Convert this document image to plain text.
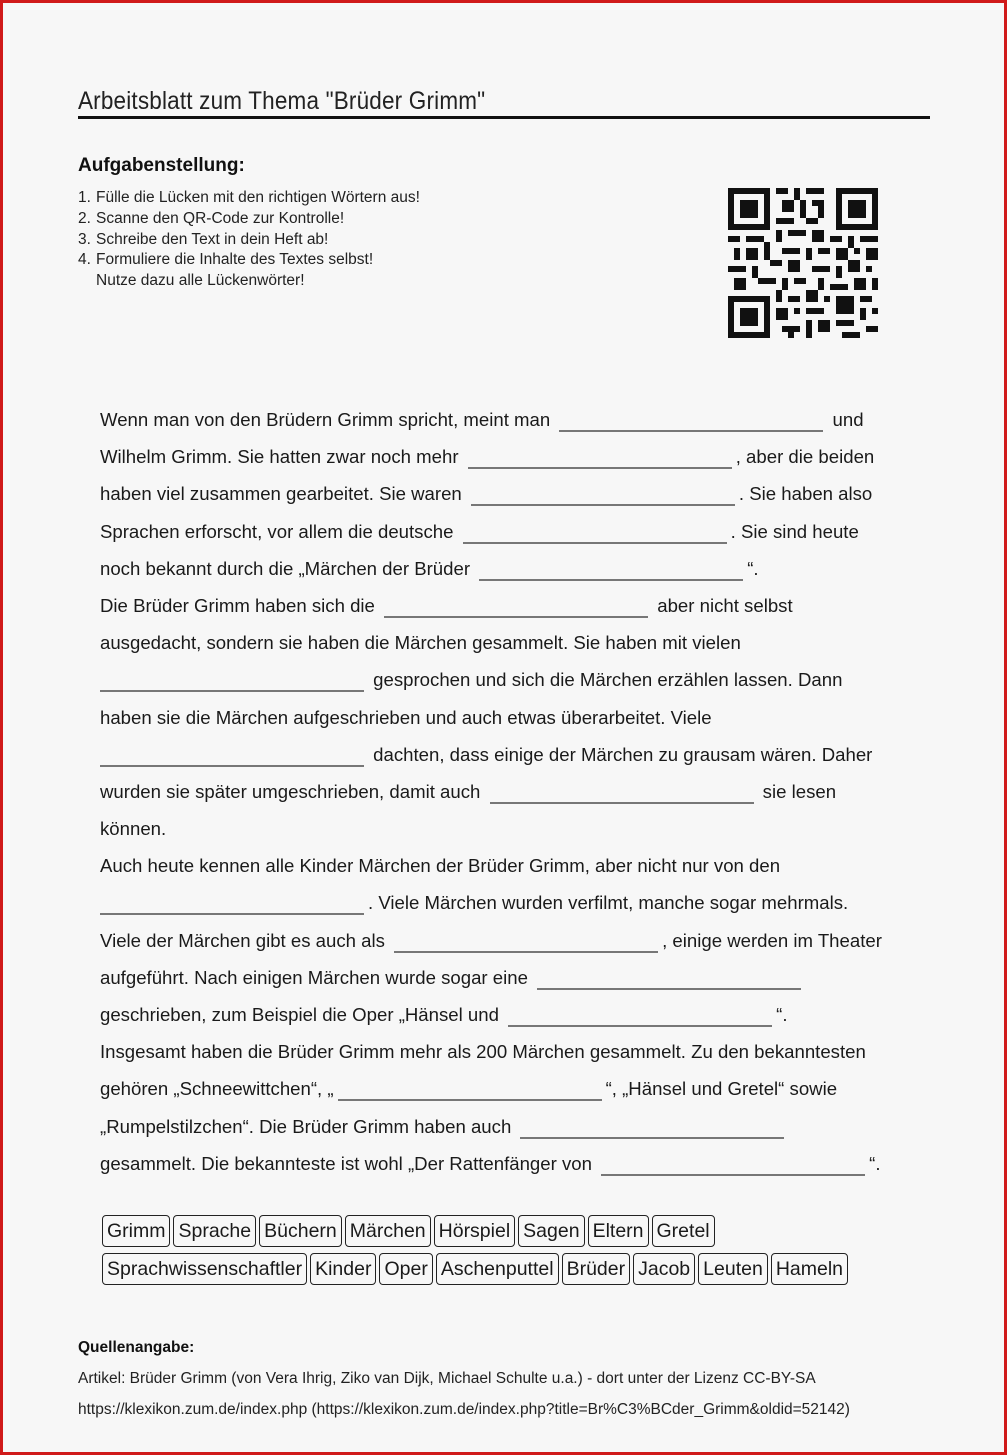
Arbeitsblatt zum Thema "Brüder Grimm"
Aufgabenstellung:
1. Fülle die Lücken mit den richtigen Wörtern aus!
2. Scanne den QR-Code zur Kontrolle!
3. Schreibe den Text in dein Heft ab!
4. Formuliere die Inhalte des Textes selbst!
Nutze dazu alle Lückenwörter!
Wenn man von den Brüdern Grimm spricht, meint man	und
Wilhelm Grimm. Sie hatten zwar noch mehr	, aber die beiden
haben viel zusammen gearbeitet. Sie waren	. Sie haben also
Sprachen erforscht, vor allem die deutsche	. Sie sind heute
noch bekannt durch die „Märchen der Brüder	“.
Die Brüder Grimm haben sich die	aber nicht selbst
ausgedacht, sondern sie haben die Märchen gesammelt. Sie haben mit vielen
gesprochen und sich die Märchen erzählen lassen. Dann
haben sie die Märchen aufgeschrieben und auch etwas überarbeitet. Viele
dachten, dass einige der Märchen zu grausam wären. Daher
wurden sie später umgeschrieben, damit auch	sie lesen
können.
Auch heute kennen alle Kinder Märchen der Brüder Grimm, aber nicht nur von den
. Viele Märchen wurden verfilmt, manche sogar mehrmals.
Viele der Märchen gibt es auch als	, einige werden im Theater
aufgeführt. Nach einigen Märchen wurde sogar eine
geschrieben, zum Beispiel die Oper „Hänsel und	“.
Insgesamt haben die Brüder Grimm mehr als 200 Märchen gesammelt. Zu den bekanntesten
gehören „Schneewittchen“, „	“, „Hänsel und Gretel“ sowie
„Rumpelstilzchen“. Die Brüder Grimm haben auch
gesammelt. Die bekannteste ist wohl „Der Rattenfänger von	“.
Grimm Sprache Büchern Märchen Hörspiel Sagen Eltern Gretel
Sprachwissenschaftler Kinder Oper Aschenputtel Brüder Jacob Leuten Hameln
Quellenangabe:
Artikel: Brüder Grimm (von Vera Ihrig, Ziko van Dijk, Michael Schulte u.a.) - dort unter der Lizenz CC-BY-SA
https://klexikon.zum.de/index.php (https://klexikon.zum.de/index.php?title=Br%C3%BCder_Grimm&oldid=52142)
